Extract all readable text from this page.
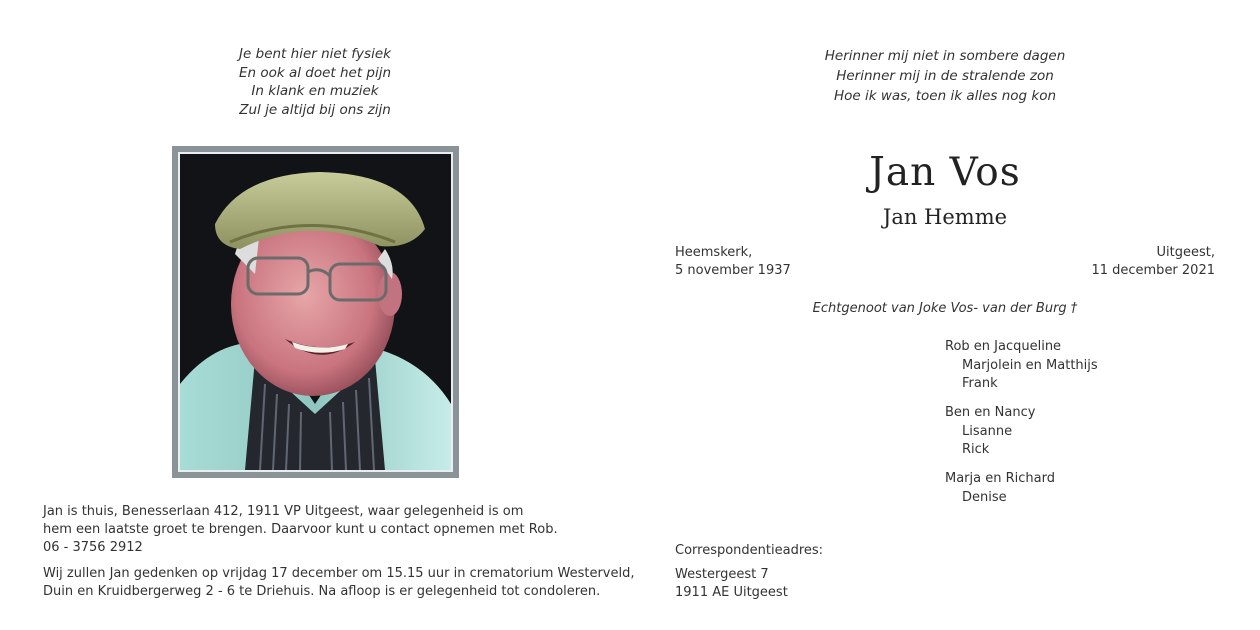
Je bent hier niet fysiek
En ook al doet het pijn
In klank en muziek
Zul je altijd bij ons zijn
Herinner mij niet in sombere dagen
Herinner mij in de stralende zon
Hoe ik was, toen ik alles nog kon
Jan Vos
Jan Hemme
Heemskerk,
5 november 1937
Uitgeest,
11 december 2021
Echtgenoot van Joke Vos- van der Burg †
Rob en Jacqueline
Marjolein en Matthijs
Frank
Ben en Nancy
Lisanne
Rick
Marja en Richard
Denise
Jan is thuis, Benesserlaan 412, 1911 VP Uitgeest, waar gelegenheid is om
hem een laatste groet te brengen. Daarvoor kunt u contact opnemen met Rob.
06 - 3756 2912
Wij zullen Jan gedenken op vrijdag 17 december om 15.15 uur in crematorium Westerveld,
Duin en Kruidbergerweg 2 - 6 te Driehuis. Na afloop is er gelegenheid tot condoleren.
Correspondentieadres:
Westergeest 7
1911 AE Uitgeest
